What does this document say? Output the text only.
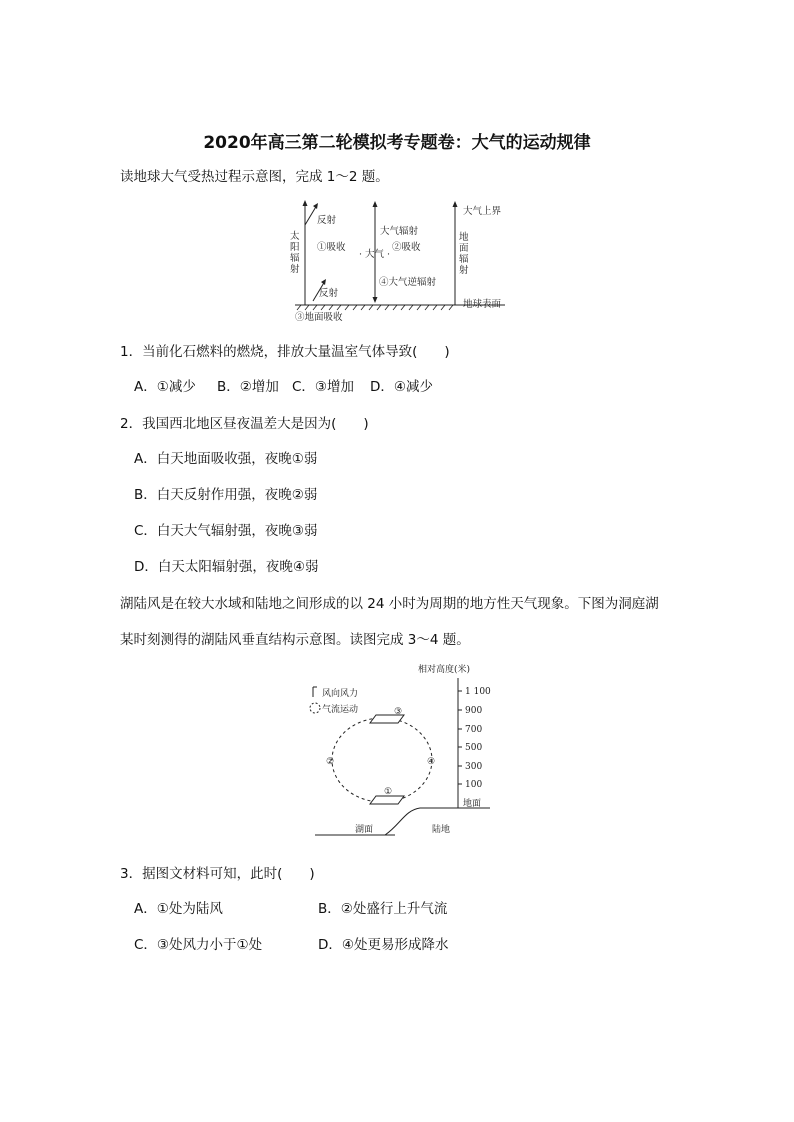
2020年高三第二轮模拟考专题卷：大气的运动规律
读地球大气受热过程示意图，完成 1～2 题。
太
阳
辐
射
反射
①吸收
· 大气 ·
大气辐射
②吸收
④大气逆辐射
反射
③地面吸收
大气上界
地
面
辐
射
地球表面
1．当前化石燃料的燃烧，排放大量温室气体导致(　　)
A．①减少 B．②增加 C．③增加 D．④减少
2．我国西北地区昼夜温差大是因为(　　)
A．白天地面吸收强，夜晚①弱
B．白天反射作用强，夜晚②弱
C．白天大气辐射强，夜晚③弱
D．白天太阳辐射强，夜晚④弱
湖陆风是在较大水域和陆地之间形成的以 24 小时为周期的地方性天气现象。下图为洞庭湖
某时刻测得的湖陆风垂直结构示意图。读图完成 3～4 题。
相对高度(米)
1 100
900
700
500
300
100
地面
风向风力
气流运动	③
②	④
①
湖面	陆地
3．据图文材料可知，此时(　　)
A．①处为陆风	B．②处盛行上升气流
C．③处风力小于①处	D．④处更易形成降水
